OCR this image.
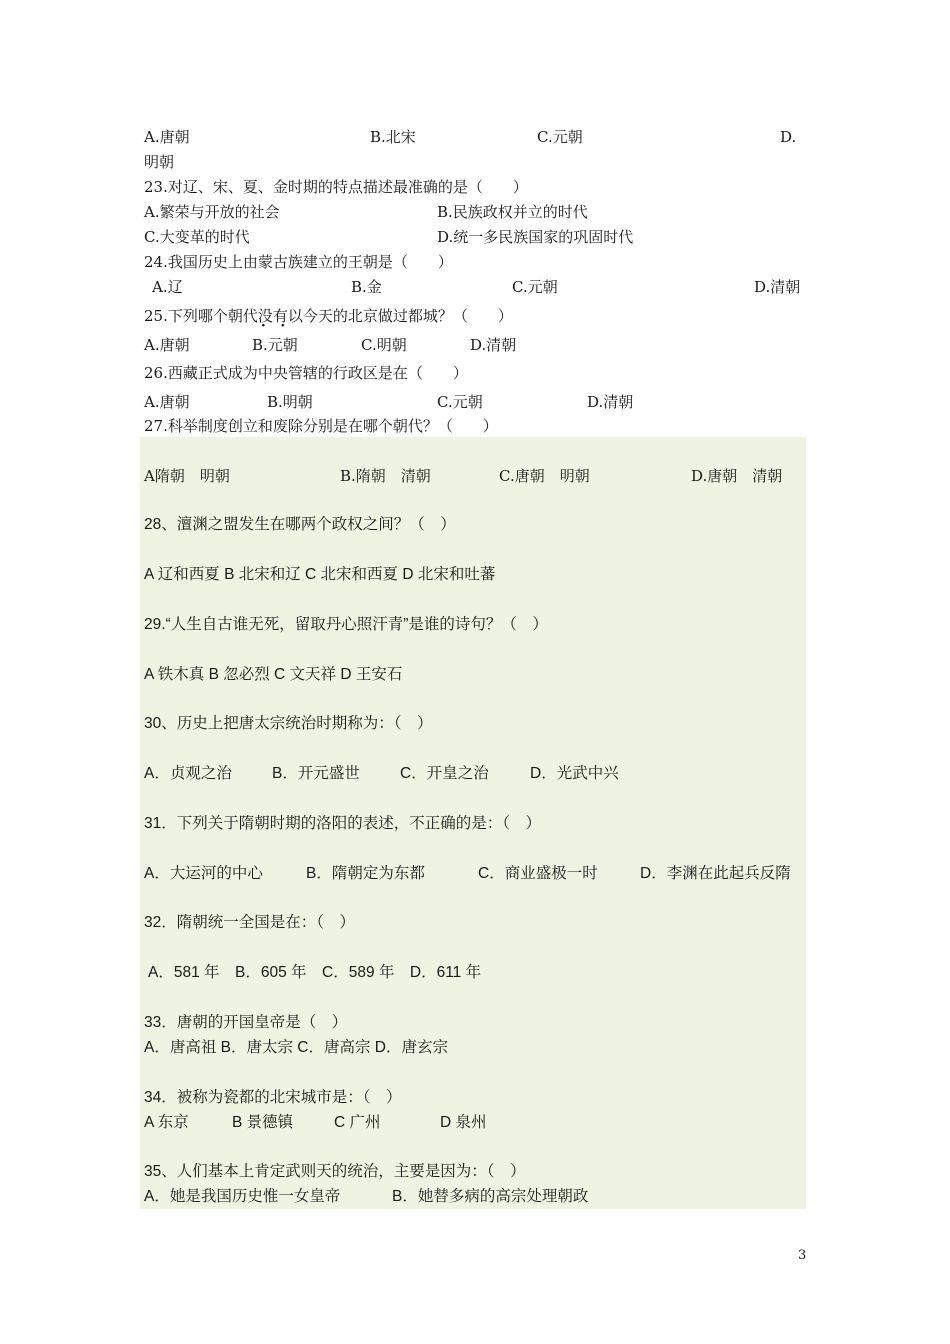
A.唐朝	B.北宋	C.元朝	D.
明朝
23.对辽、宋、夏、金时期的特点描述最准确的是（　　）
A.繁荣与开放的社会	B.民族政权并立的时代
C.大变革的时代	D.统一多民族国家的巩固时代
24.我国历史上由蒙古族建立的王朝是（　　）
A.辽	B.金	C.元朝	D.清朝
25.下列哪个朝代没有 ·   ·以今天的北京做过都城？（　　）
A.唐朝	B.元朝	C.明朝	D.清朝
26.西藏正式成为中央管辖的行政区是在（　　）
A.唐朝	B.明朝	C.元朝	D.清朝
27.科举制度创立和废除分别是在哪个朝代？（　　）
A隋朝　明朝	B.隋朝　清朝	C.唐朝　明朝	D.唐朝　清朝
28、澶渊之盟发生在哪两个政权之间？（　）
A 辽和西夏 B 北宋和辽 C 北宋和西夏 D 北宋和吐蕃
29.“人生自古谁无死，留取丹心照汗青”是谁的诗句？（　）
A 铁木真 B 忽必烈 C 文天祥 D 王安石
30、历史上把唐太宗统治时期称为：（　）
A．贞观之治	B．开元盛世	C．开皇之治	D．光武中兴
31．下列关于隋朝时期的洛阳的表述，不正确的是：（　）
A．大运河的中心	B．隋朝定为东都	C．商业盛极一时	D．李渊在此起兵反隋
32．隋朝统一全国是在：（　）
A．581 年　B．605 年　C．589 年　D．611 年
33．唐朝的开国皇帝是（　）
A．唐高祖 B．唐太宗 C．唐高宗 D．唐玄宗
34．被称为瓷都的北宋城市是：（　）
A 东京	B 景德镇	C 广州	D 泉州
35、人们基本上肯定武则天的统治，主要是因为：（　）
A．她是我国历史惟一女皇帝	B．她替多病的高宗处理朝政
3
